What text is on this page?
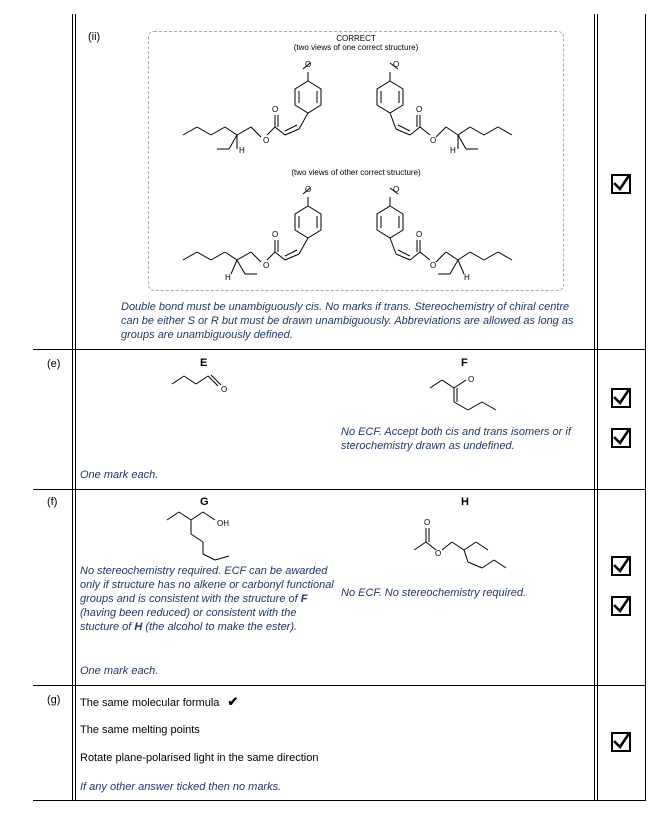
(ii)	CORRECT
(two views of one correct structure)
(two views of other correct structure)
O
O
O
H
O
O
O
H
O
O
O
H
O
O
O
H
Double bond must be unambiguously cis. No marks if trans. Stereochemistry of chiral centre can be either S or R but must be drawn unambiguously. Abbreviations are allowed as long as groups are unambiguously defined.
(e)	E	F
O
O
No ECF. Accept both cis and trans isomers or if sterochemistry drawn as undefined.
One mark each.
(f)	G	H
OH	O
O
No stereochemistry required. ECF can be awarded only if structure has no alkene or carbonyl functional groups and is consistent with the structure of F (having been reduced) or consistent with the stucture of H (the alcohol to make the ester).
No ECF. No stereochemistry required.
One mark each.
(g) The same molecular formula ✔
The same melting points
Rotate plane-polarised light in the same direction
If any other answer ticked then no marks.
